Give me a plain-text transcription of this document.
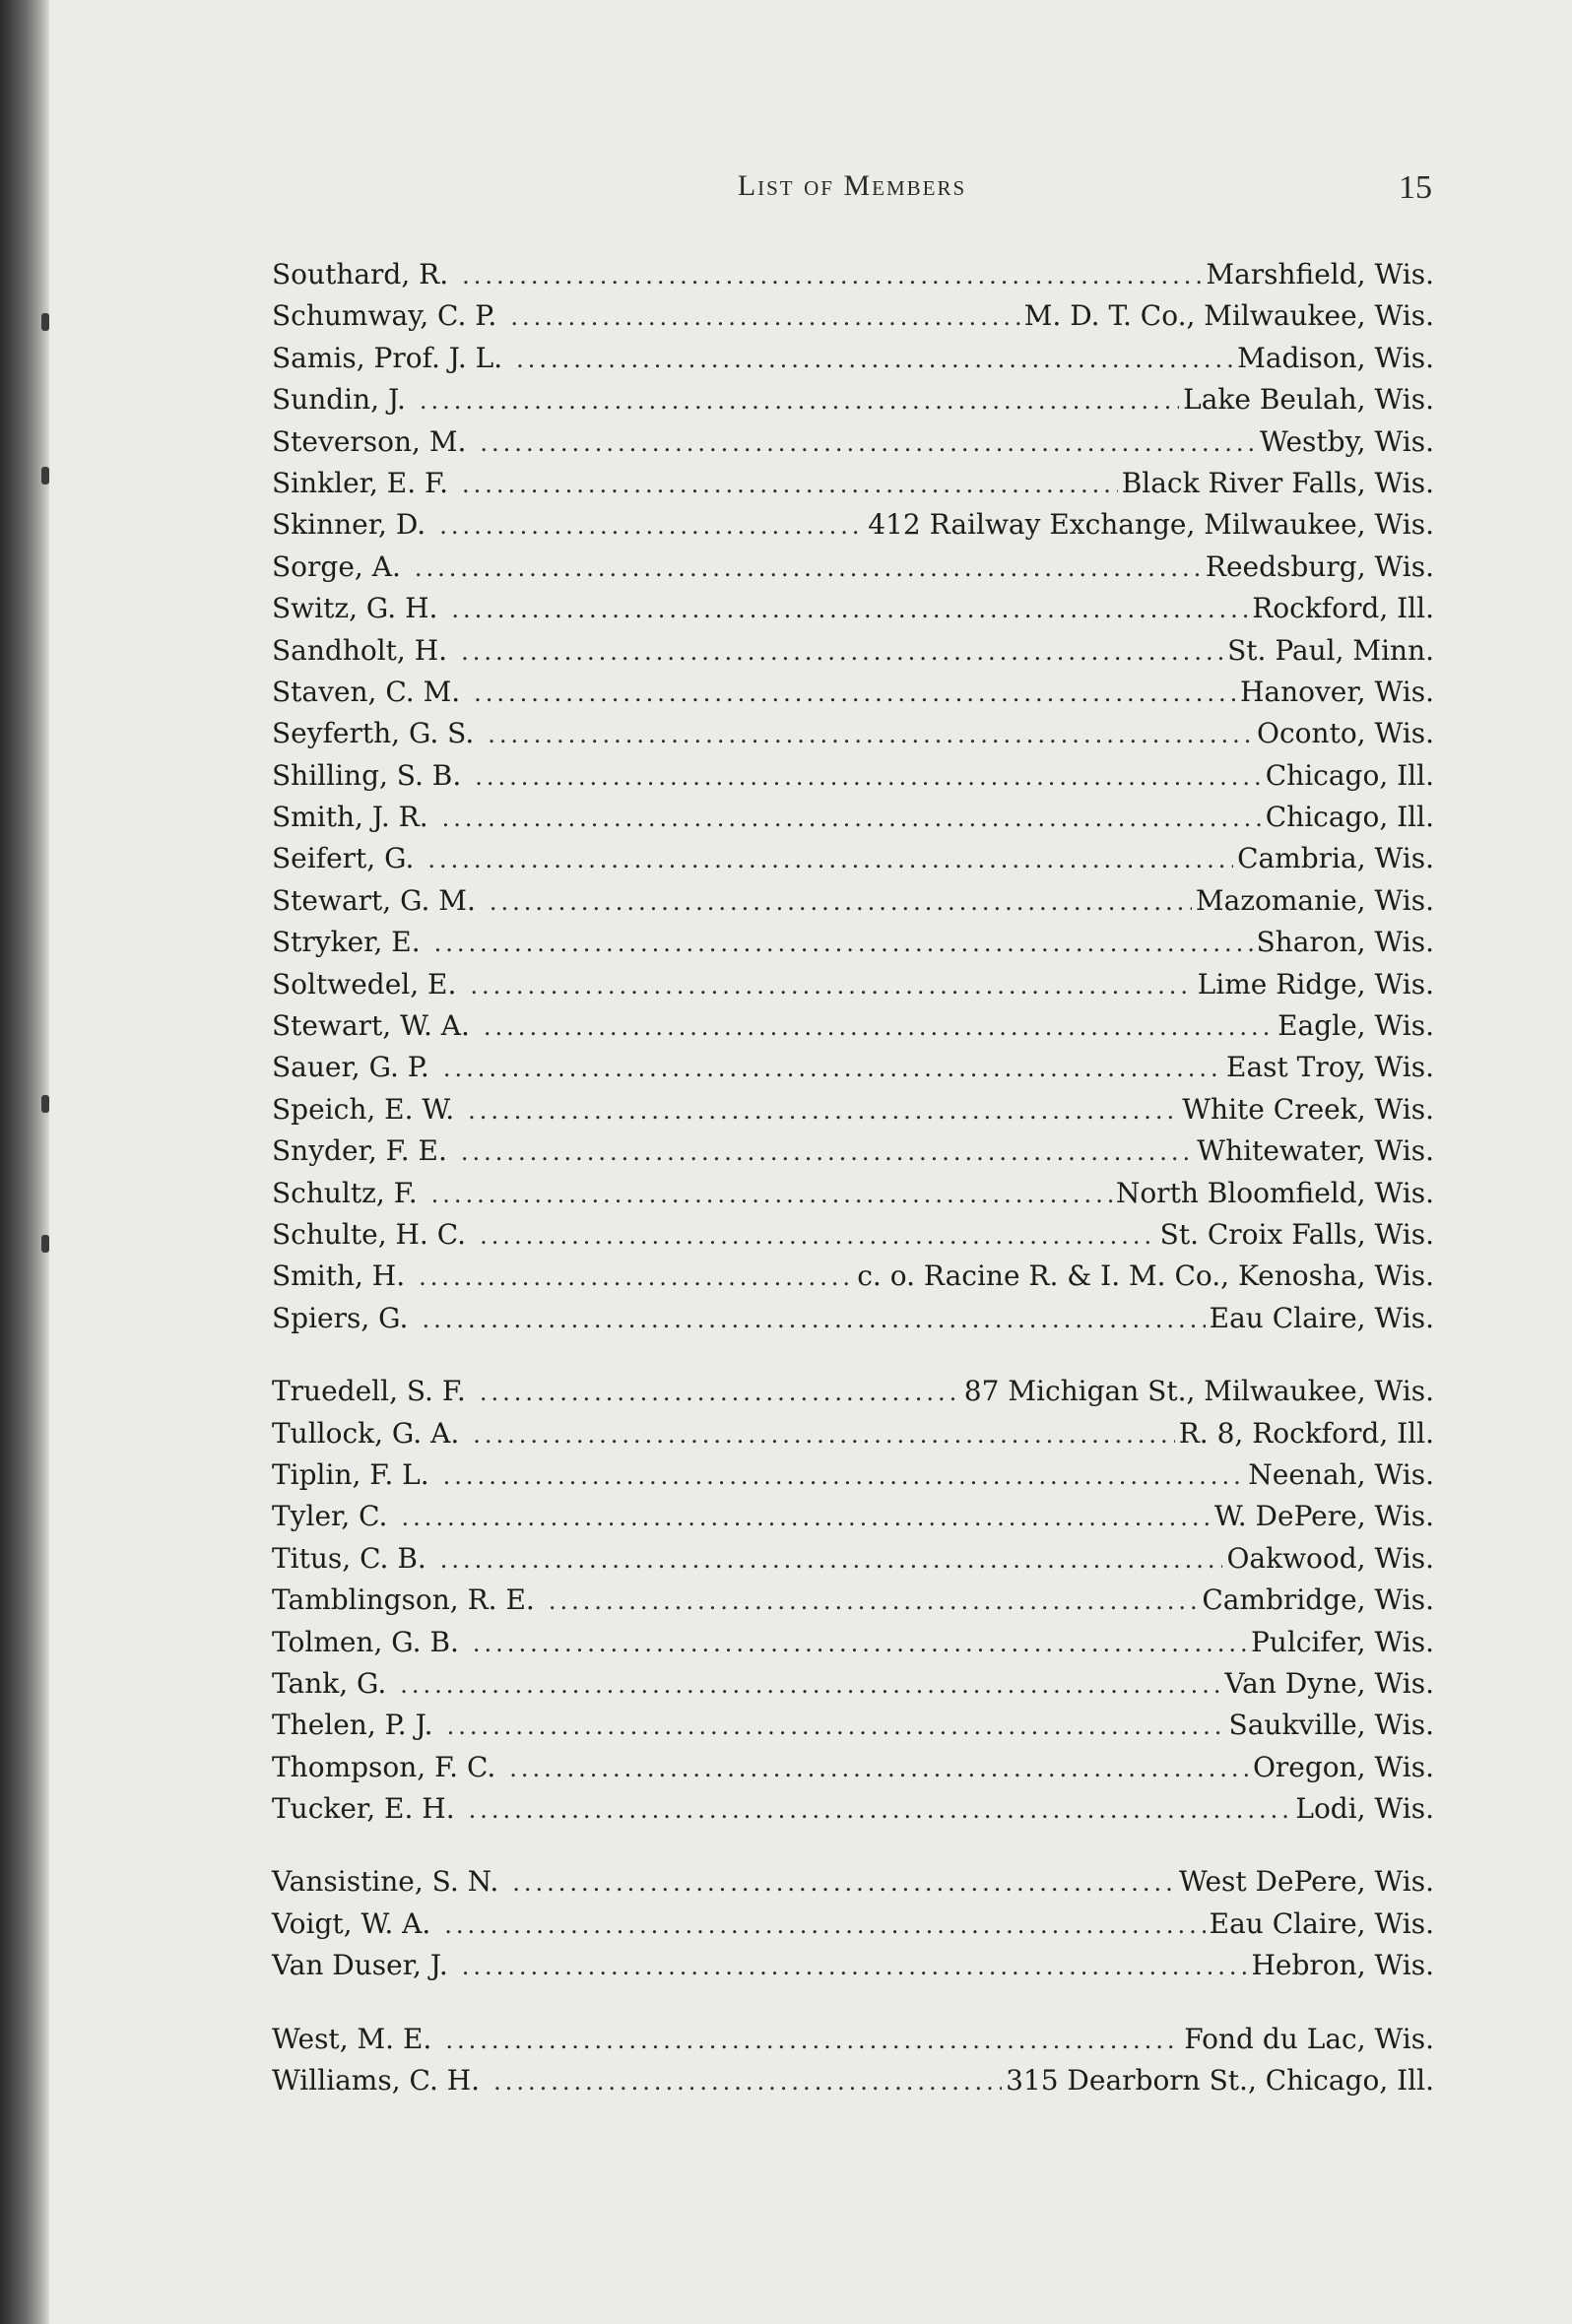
List of Members	15
Southard, R. .....	Marshfield, Wis.
Schumway, C. P. .....	M. D. T. Co., Milwaukee, Wis.
Samis, Prof. J. L. .....	Madison, Wis.
Sundin, J. .....	Lake Beulah, Wis.
Steverson, M. .....	Westby, Wis.
Sinkler, E. F. .....	Black River Falls, Wis.
Skinner, D. .....	412 Railway Exchange, Milwaukee, Wis.
Sorge, A. .....	Reedsburg, Wis.
Switz, G. H. .....	Rockford, Ill.
Sandholt, H. .....	St. Paul, Minn.
Staven, C. M. .....	Hanover, Wis.
Seyferth, G. S. .....	Oconto, Wis.
Shilling, S. B. .....	Chicago, Ill.
Smith, J. R. .....	Chicago, Ill.
Seifert, G. .....	Cambria, Wis.
Stewart, G. M. .....	Mazomanie, Wis.
Stryker, E. .....	Sharon, Wis.
Soltwedel, E. .....	Lime Ridge, Wis.
Stewart, W. A. .....	Eagle, Wis.
Sauer, G. P. .....	East Troy, Wis.
Speich, E. W. .....	White Creek, Wis.
Snyder, F. E. .....	Whitewater, Wis.
Schultz, F. .....	North Bloomfield, Wis.
Schulte, H. C. .....	St. Croix Falls, Wis.
Smith, H. .....	c. o. Racine R. & I. M. Co., Kenosha, Wis.
Spiers, G. .....	Eau Claire, Wis.
Truedell, S. F. .....	87 Michigan St., Milwaukee, Wis.
Tullock, G. A. .....	R. 8, Rockford, Ill.
Tiplin, F. L. .....	Neenah, Wis.
Tyler, C. .....	W. DePere, Wis.
Titus, C. B. .....	Oakwood, Wis.
Tamblingson, R. E. .....	Cambridge, Wis.
Tolmen, G. B. .....	Pulcifer, Wis.
Tank, G. .....	Van Dyne, Wis.
Thelen, P. J. .....	Saukville, Wis.
Thompson, F. C. .....	Oregon, Wis.
Tucker, E. H. .....	Lodi, Wis.
Vansistine, S. N. .....	West DePere, Wis.
Voigt, W. A. .....	Eau Claire, Wis.
Van Duser, J. .....	Hebron, Wis.
West, M. E. .....	Fond du Lac, Wis.
Williams, C. H. .....	315 Dearborn St., Chicago, Ill.
